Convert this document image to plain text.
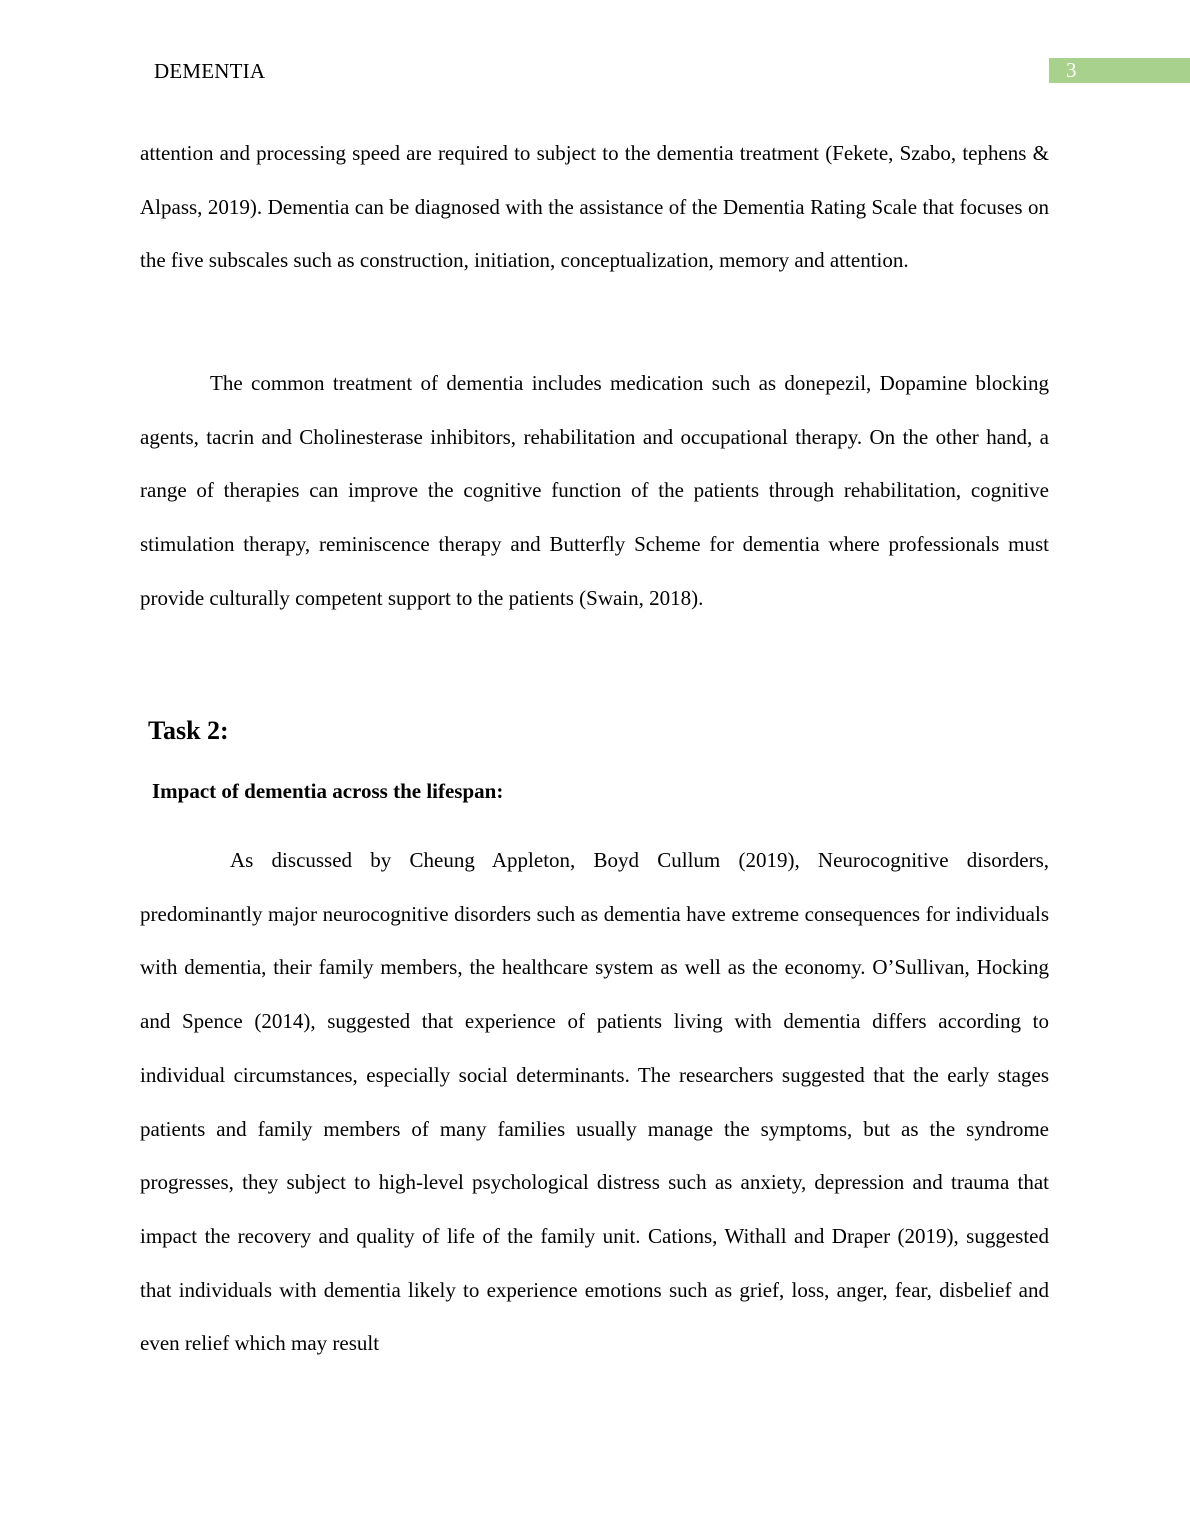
DEMENTIA	3

attention and processing speed are required to subject to the dementia treatment (Fekete, Szabo, tephens & Alpass, 2019). Dementia can be diagnosed with the assistance of the Dementia Rating Scale that focuses on the five subscales such as construction, initiation, conceptualization, memory and attention.

The common treatment of dementia includes medication such as donepezil, Dopamine blocking agents, tacrin and Cholinesterase inhibitors, rehabilitation and occupational therapy. On the other hand, a range of therapies can improve the cognitive function of the patients through rehabilitation, cognitive stimulation therapy, reminiscence therapy and Butterfly Scheme for dementia where professionals must provide culturally competent support to the patients (Swain, 2018).

Task 2:
Impact of dementia across the lifespan:

As discussed by Cheung Appleton, Boyd Cullum (2019), Neurocognitive disorders, predominantly major neurocognitive disorders such as dementia have extreme consequences for individuals with dementia, their family members, the healthcare system as well as the economy. O’Sullivan, Hocking and Spence (2014), suggested that experience of patients living with dementia differs according to individual circumstances, especially social determinants. The researchers suggested that the early stages patients and family members of many families usually manage the symptoms, but as the syndrome progresses, they subject to high-level psychological distress such as anxiety, depression and trauma that impact the recovery and quality of life of the family unit. Cations, Withall and Draper (2019), suggested that individuals with dementia likely to experience emotions such as grief, loss, anger, fear, disbelief and even relief which may result
